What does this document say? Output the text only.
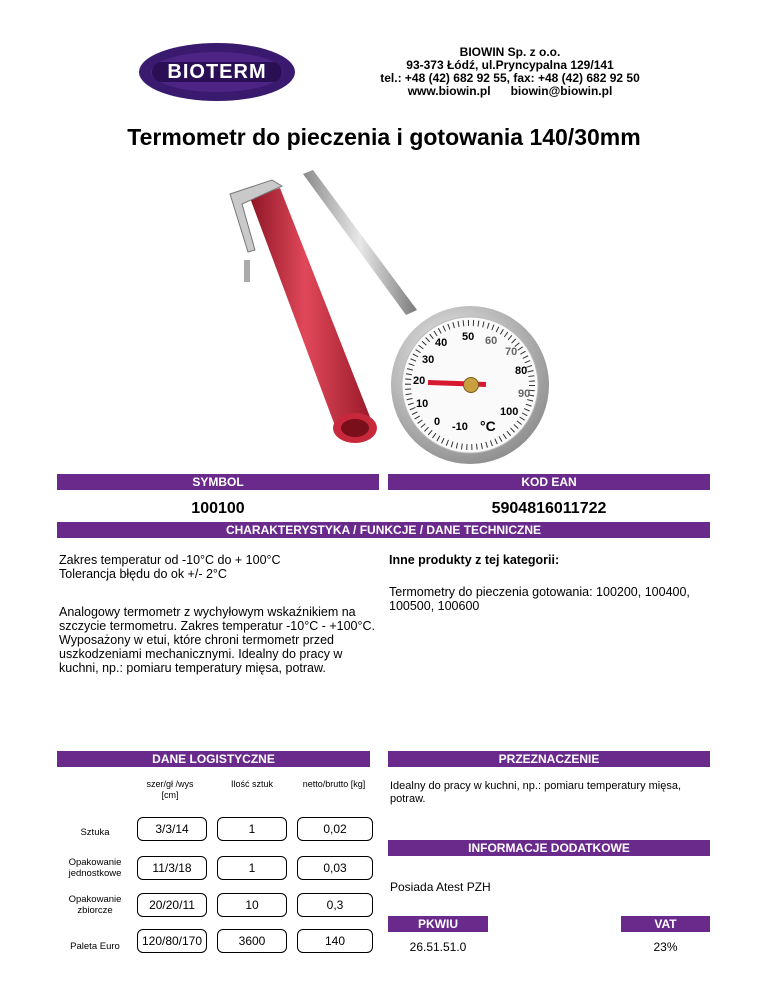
BIOTERM
BIOWIN Sp. z o.o.
93-373 Łódź, ul.Pryncypalna 129/141
tel.: +48 (42) 682 92 55, fax: +48 (42) 682 92 50
www.biowin.pl biowin@biowin.pl
Termometr do pieczenia i gotowania 140/30mm
40 50 60
70
30
80
20
90
10
100
0 -10 °C
SYMBOL	KOD EAN
100100	5904816011722
CHARAKTERYSTYKA / FUNKCJE / DANE TECHNICZNE
Zakres temperatur od -10°C do + 100°C
Tolerancja błędu do ok +/- 2°C
Analogowy termometr z wychyłowym wskaźnikiem na
szczycie termometru. Zakres temperatur -10°C - +100°C.
Wyposażony w etui, które chroni termometr przed
uszkodzeniami mechanicznymi. Idealny do pracy w
kuchni, np.: pomiaru temperatury mięsa, potraw.
Inne produkty z tej kategorii:
Termometry do pieczenia gotowania: 100200, 100400,
100500, 100600
DANE LOGISTYCZNE
szer/gł /wys
[cm]
Ilość sztuk	netto/brutto [kg]
Sztuka	3/3/14	1	0,02
Opakowanie
jednostkowe	11/3/18	1	0,03
Opakowanie
zbiorcze	20/20/11	10	0,3
Paleta Euro	120/80/170	3600	140
PRZEZNACZENIE
Idealny do pracy w kuchni, np.: pomiaru temperatury mięsa,
potraw.
INFORMACJE DODATKOWE
Posiada Atest PZH
PKWIU	VAT
26.51.51.0	23%
